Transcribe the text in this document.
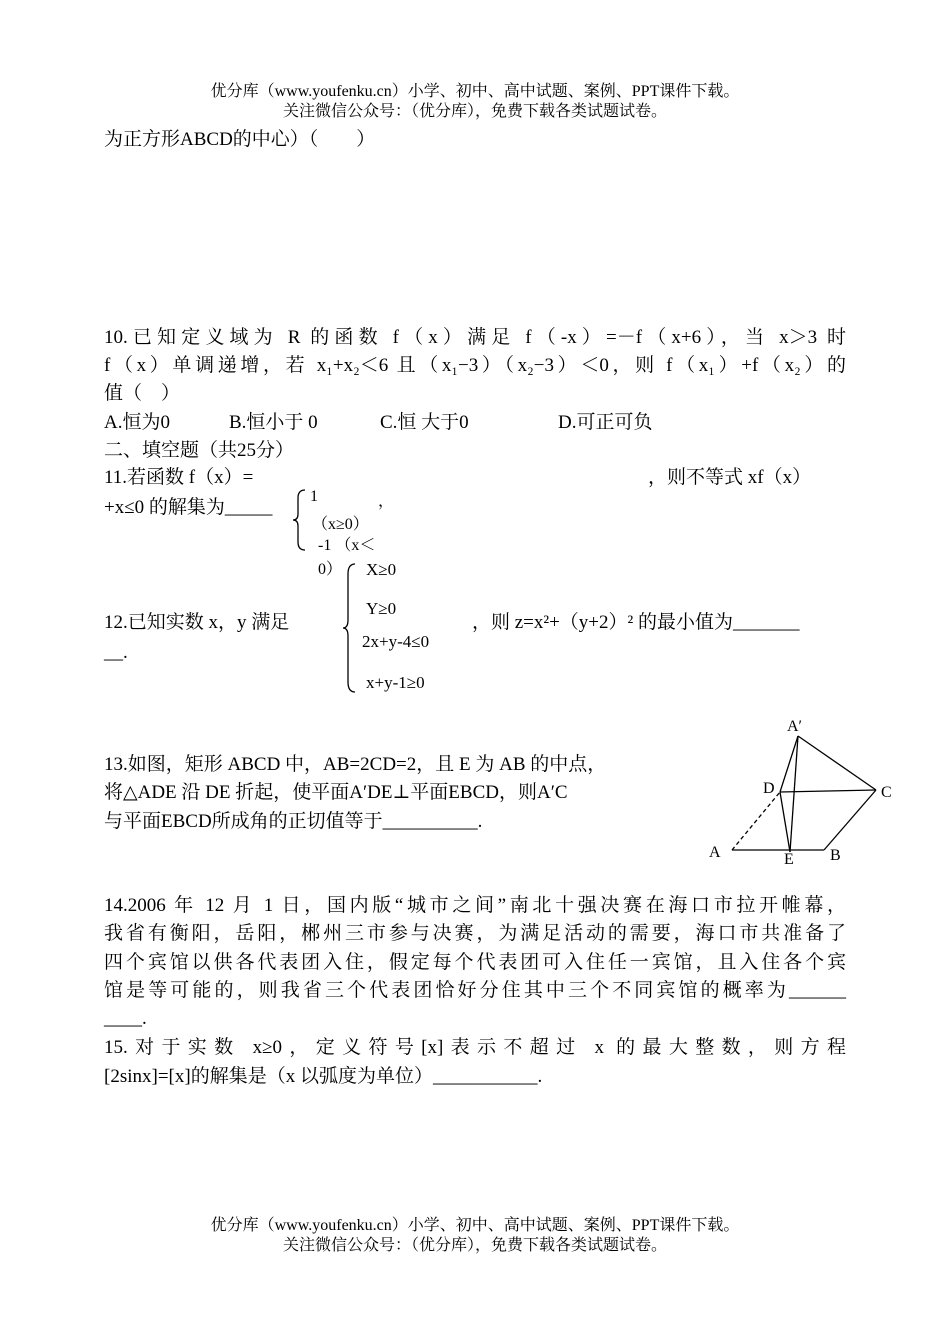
优分库（www.youfenku.cn）小学、初中、高中试题、案例、PPT课件下载。
关注微信公众号：（优分库），免费下载各类试题试卷。
为正方形ABCD的中心）（　　）
10.已知定义域为 R 的函数 f（x）满足 f（-x）=－f（x+6），当 x＞3 时
f（x）单调递增，若 x₁+x₂＜6 且（x₁−3）（x₂−3）＜0，则 f（x₁）+f（x₂）的
值（　）
A.恒为0	B.恒小于 0	C.恒 大于0	D.可正可负
二、填空题（共25分）
11.若函数 f（x）=	，则不等式 xf（x）
+x≤0 的解集为_____
1	，
（x≥0）
-1 （x＜
0） X≥0
Y≥0
2x+y-4≤0
x+y-1≥0
12.已知实数 x，y 满足	，则 z=x²+（y+2）² 的最小值为_______
__.
13.如图，矩形 ABCD 中，AB=2CD=2，且 E 为 AB 的中点，
将△ADE 沿 DE 折起，使平面A′DE⊥平面EBCD，则A′C
与平面EBCD所成角的正切值等于__________.
A′
D	C
A	E B
14.2006 年 12 月 1 日，国内版“城市之间”南北十强决赛在海口市拉开帷幕，
我省有衡阳，岳阳，郴州三市参与决赛，为满足活动的需要，海口市共准备了
四个宾馆以供各代表团入住，假定每个代表团可入住任一宾馆，且入住各个宾
馆是等可能的，则我省三个代表团恰好分住其中三个不同宾馆的概率为______
____.
15.对于实数 x≥0，定义符号[x]表示不超过 x 的最大整数，则方程
[2sinx]=[x]的解集是（x 以弧度为单位）___________.
优分库（www.youfenku.cn）小学、初中、高中试题、案例、PPT课件下载。
关注微信公众号：（优分库），免费下载各类试题试卷。
